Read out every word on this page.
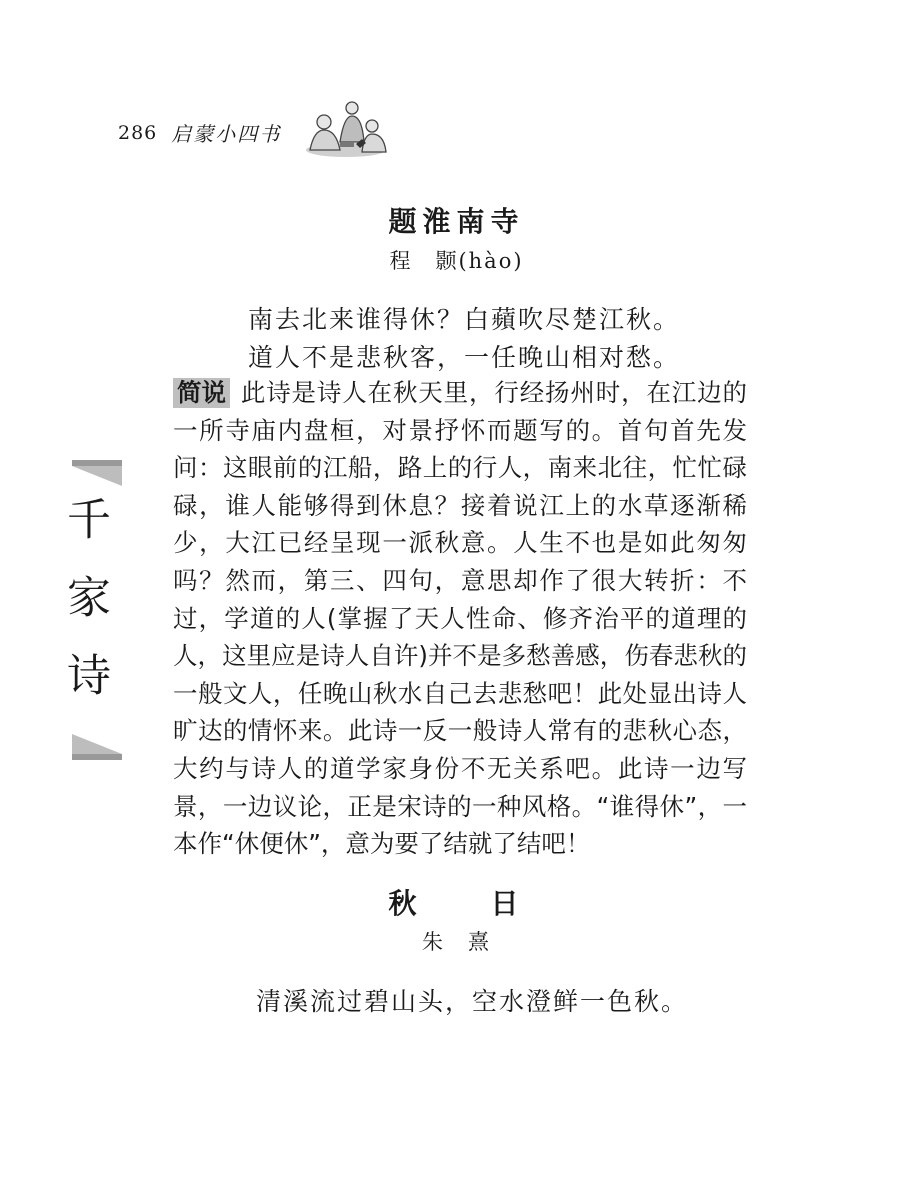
286 启蒙小四书
千家诗
题淮南寺
程　颢(hào)
南去北来谁得休？白蘋吹尽楚江秋。
道人不是悲秋客，一任晚山相对愁。
简说 此诗是诗人在秋天里，行经扬州时，在江边的一所寺庙内盘桓，对景抒怀而题写的。首句首先发问：这眼前的江船，路上的行人，南来北往，忙忙碌碌，谁人能够得到休息？接着说江上的水草逐渐稀少，大江已经呈现一派秋意。人生不也是如此匆匆吗？然而，第三、四句，意思却作了很大转折：不过，学道的人(掌握了天人性命、修齐治平的道理的人，这里应是诗人自许)并不是多愁善感，伤春悲秋的一般文人，任晚山秋水自己去悲愁吧！此处显出诗人旷达的情怀来。此诗一反一般诗人常有的悲秋心态，大约与诗人的道学家身份不无关系吧。此诗一边写景，一边议论，正是宋诗的一种风格。“谁得休”，一本作“休便休”，意为要了结就了结吧！
秋　　日
朱　熹
清溪流过碧山头，空水澄鲜一色秋。
